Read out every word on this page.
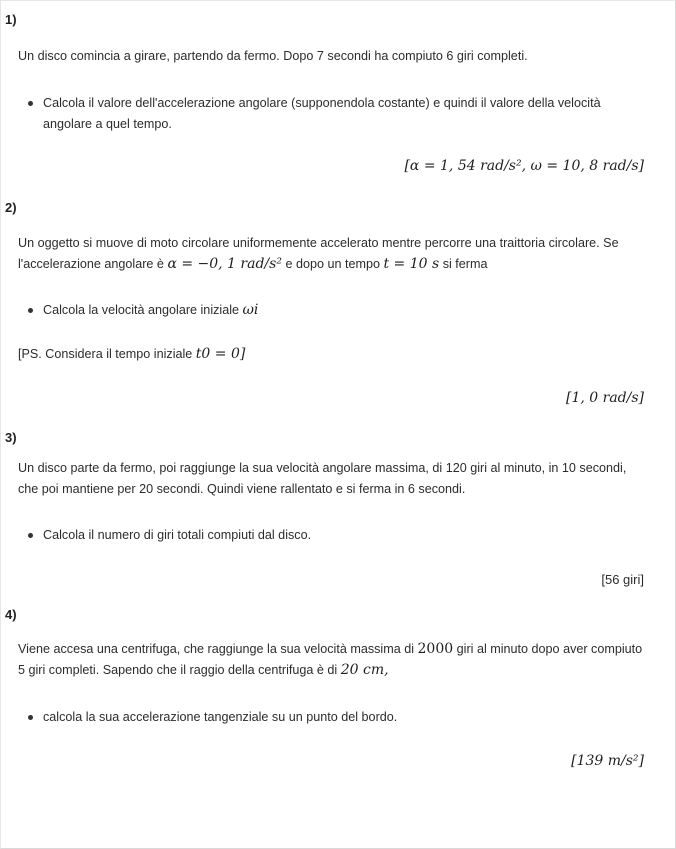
1)
Un disco comincia a girare, partendo da fermo. Dopo 7 secondi ha compiuto 6 giri completi.
Calcola il valore dell'accelerazione angolare (supponendola costante) e quindi il valore della velocità angolare a quel tempo.
[α = 1, 54 rad/s², ω = 10, 8 rad/s]
2)
Un oggetto si muove di moto circolare uniformemente accelerato mentre percorre una traittoria circolare. Se l'accelerazione angolare è α = −0, 1 rad/s² e dopo un tempo t = 10 s si ferma
Calcola la velocità angolare iniziale ωi
[PS. Considera il tempo iniziale t0 = 0]
[1, 0 rad/s]
3)
Un disco parte da fermo, poi raggiunge la sua velocità angolare massima, di 120 giri al minuto, in 10 secondi, che poi mantiene per 20 secondi. Quindi viene rallentato e si ferma in 6 secondi.
Calcola il numero di giri totali compiuti dal disco.
[56 giri]
4)
Viene accesa una centrifuga, che raggiunge la sua velocità massima di 2000 giri al minuto dopo aver compiuto 5 giri completi. Sapendo che il raggio della centrifuga è di 20 cm,
calcola la sua accelerazione tangenziale su un punto del bordo.
[139 m/s²]
